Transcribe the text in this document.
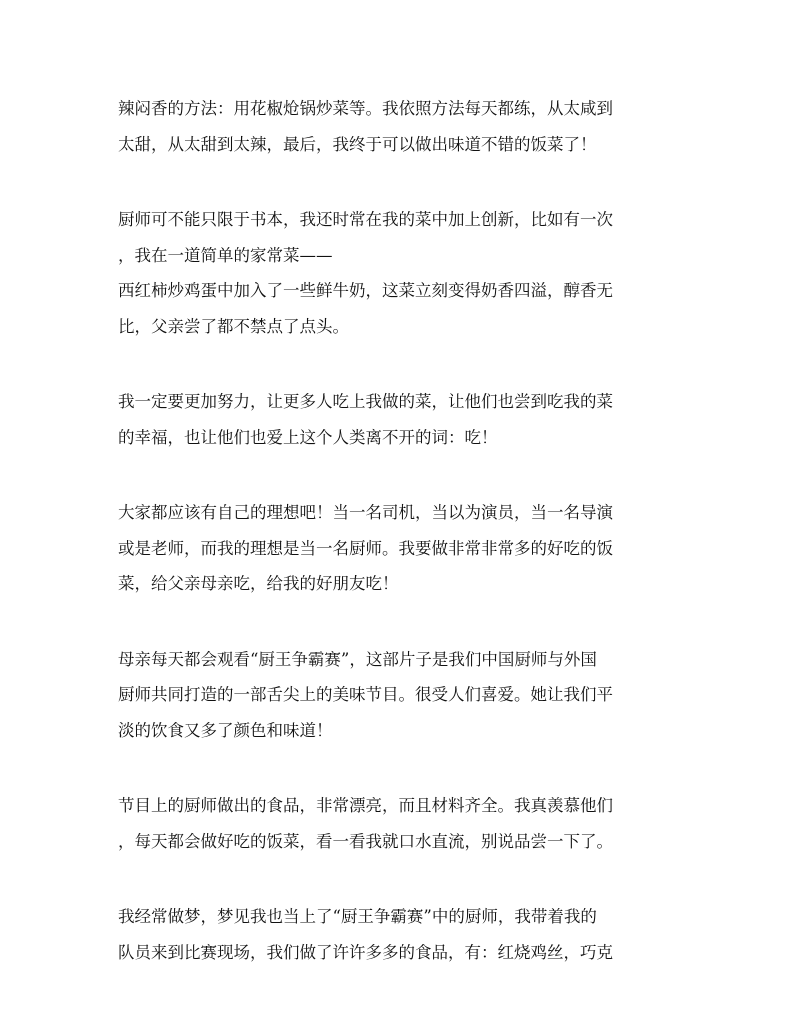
辣闷香的方法：用花椒炝锅炒菜等。我依照方法每天都练，从太咸到
太甜，从太甜到太辣，最后，我终于可以做出味道不错的饭菜了！

厨师可不能只限于书本，我还时常在我的菜中加上创新，比如有一次
，我在一道简单的家常菜——
西红柿炒鸡蛋中加入了一些鲜牛奶，这菜立刻变得奶香四溢，醇香无
比，父亲尝了都不禁点了点头。

我一定要更加努力，让更多人吃上我做的菜，让他们也尝到吃我的菜
的幸福，也让他们也爱上这个人类离不开的词：吃！

大家都应该有自己的理想吧！当一名司机，当以为演员，当一名导演
或是老师，而我的理想是当一名厨师。我要做非常非常多的好吃的饭
菜，给父亲母亲吃，给我的好朋友吃！

母亲每天都会观看“厨王争霸赛”，这部片子是我们中国厨师与外国
厨师共同打造的一部舌尖上的美味节目。很受人们喜爱。她让我们平
淡的饮食又多了颜色和味道！

节目上的厨师做出的食品，非常漂亮，而且材料齐全。我真羡慕他们
，每天都会做好吃的饭菜，看一看我就口水直流，别说品尝一下了。

我经常做梦，梦见我也当上了“厨王争霸赛”中的厨师，我带着我的
队员来到比赛现场，我们做了许许多多的食品，有：红烧鸡丝，巧克
